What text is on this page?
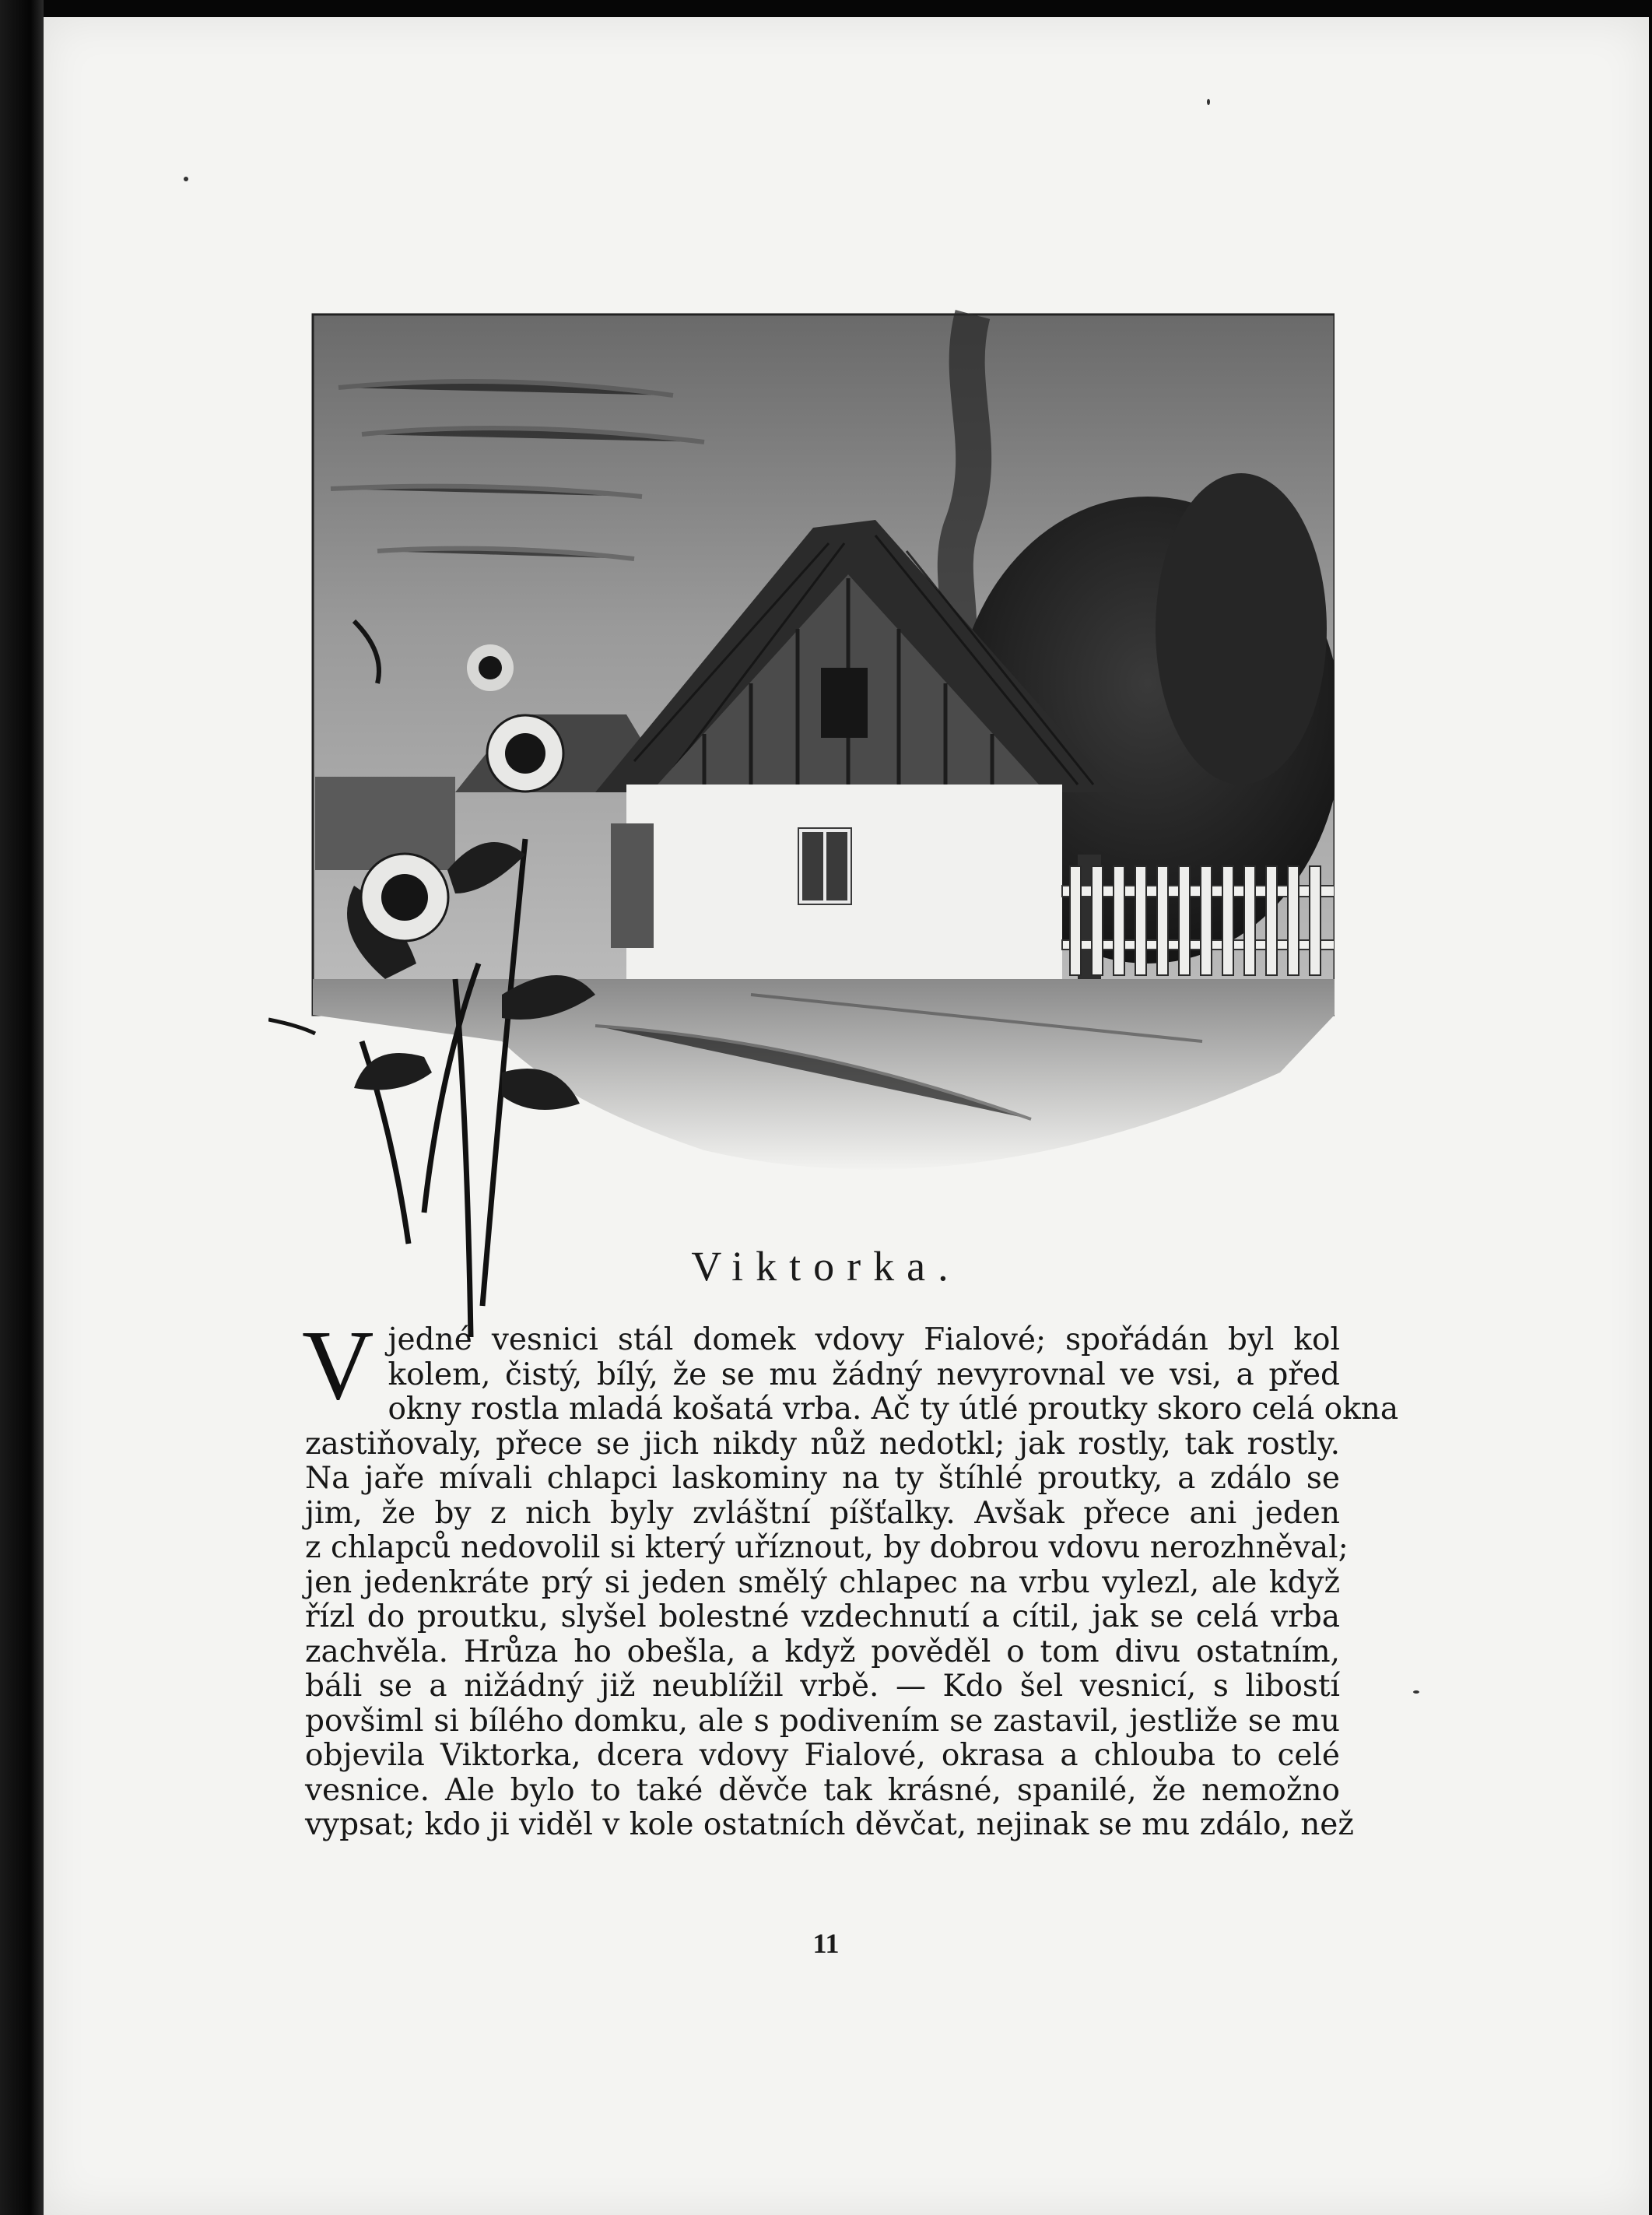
Viktorka.
V jedné vesnici stál domek vdovy Fialové; spořádán byl kol
kolem, čistý, bílý, že se mu žádný nevyrovnal ve vsi, a před
okny rostla mladá košatá vrba. Ač ty útlé proutky skoro celá okna
zastiňovaly, přece se jich nikdy nůž nedotkl; jak rostly, tak rostly.
Na jaře mívali chlapci laskominy na ty štíhlé proutky, a zdálo se
jim, že by z nich byly zvláštní píšťalky. Avšak přece ani jeden
z chlapců nedovolil si který uříznout, by dobrou vdovu nerozhněval;
jen jedenkráte prý si jeden smělý chlapec na vrbu vylezl, ale když
řízl do proutku, slyšel bolestné vzdechnutí a cítil, jak se celá vrba
zachvěla. Hrůza ho obešla, a když pověděl o tom divu ostatním,
báli se a nižádný již neublížil vrbě. — Kdo šel vesnicí, s libostí
povšiml si bílého domku, ale s podivením se zastavil, jestliže se mu
objevila Viktorka, dcera vdovy Fialové, okrasa a chlouba to celé
vesnice. Ale bylo to také děvče tak krásné, spanilé, že nemožno
vypsat; kdo ji viděl v kole ostatních děvčat, nejinak se mu zdálo, než
11
